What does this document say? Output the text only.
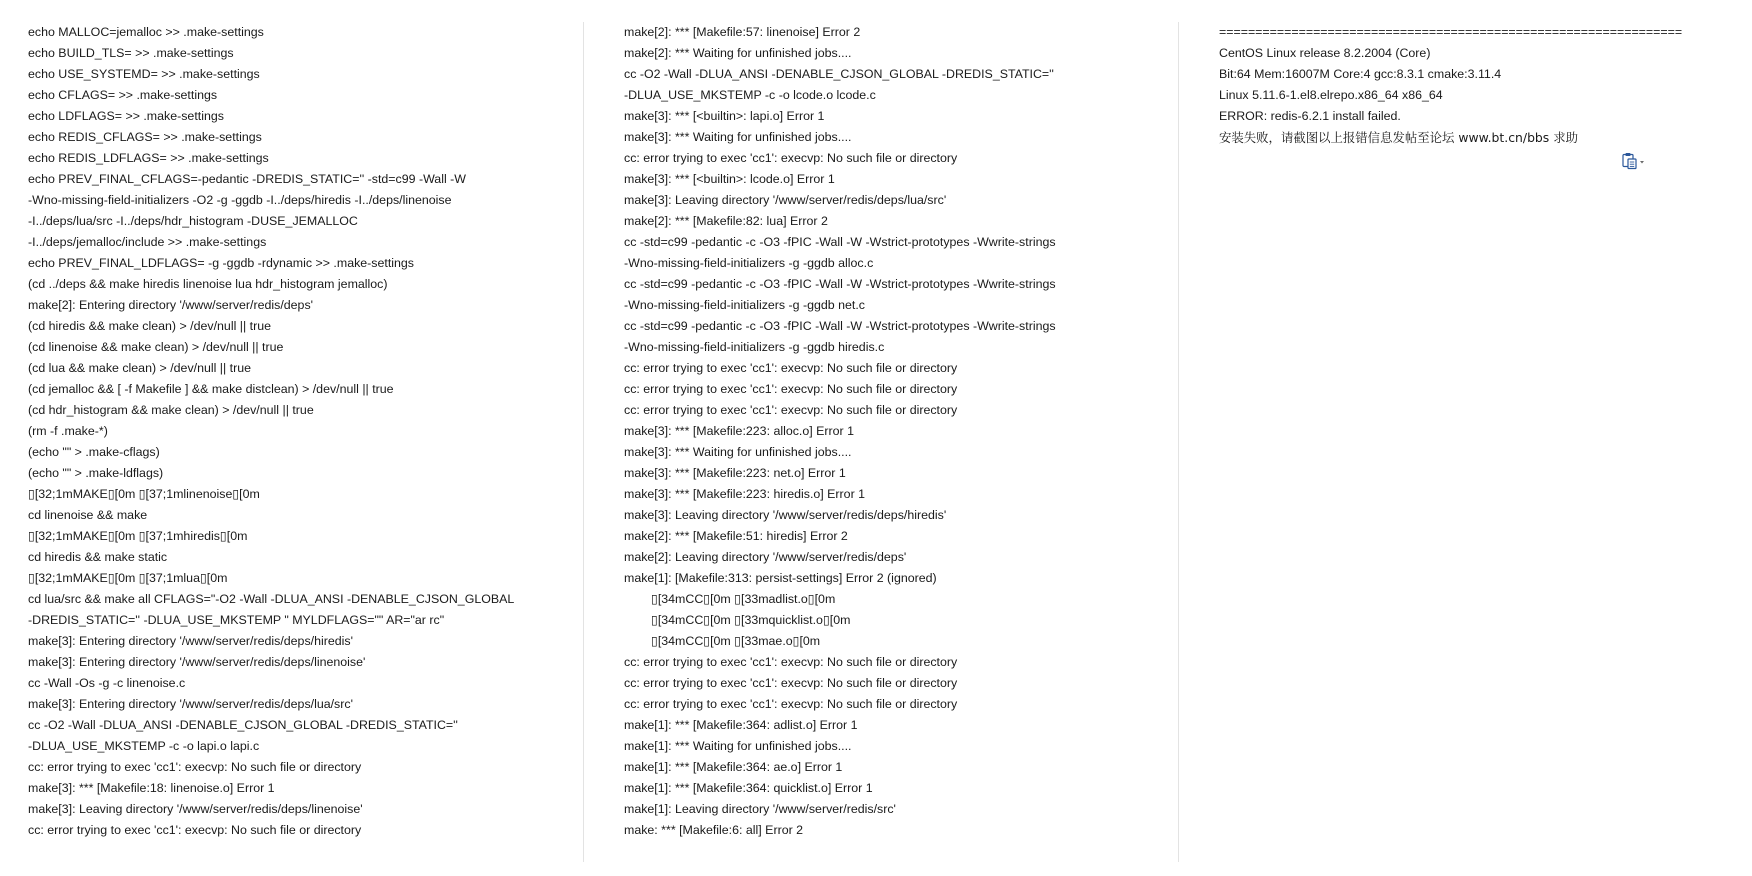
echo MALLOC=jemalloc >> .make-settings
echo BUILD_TLS= >> .make-settings
echo USE_SYSTEMD= >> .make-settings
echo CFLAGS= >> .make-settings
echo LDFLAGS= >> .make-settings
echo REDIS_CFLAGS= >> .make-settings
echo REDIS_LDFLAGS= >> .make-settings
echo PREV_FINAL_CFLAGS=-pedantic -DREDIS_STATIC='' -std=c99 -Wall -W
-Wno-missing-field-initializers -O2 -g -ggdb -I../deps/hiredis -I../deps/linenoise
-I../deps/lua/src -I../deps/hdr_histogram -DUSE_JEMALLOC
-I../deps/jemalloc/include >> .make-settings
echo PREV_FINAL_LDFLAGS= -g -ggdb -rdynamic >> .make-settings
(cd ../deps && make hiredis linenoise lua hdr_histogram jemalloc)
make[2]: Entering directory '/www/server/redis/deps'
(cd hiredis && make clean) > /dev/null || true
(cd linenoise && make clean) > /dev/null || true
(cd lua && make clean) > /dev/null || true
(cd jemalloc && [ -f Makefile ] && make distclean) > /dev/null || true
(cd hdr_histogram && make clean) > /dev/null || true
(rm -f .make-*)
(echo "" > .make-cflags)
(echo "" > .make-ldflags)
▯[32;1mMAKE▯[0m ▯[37;1mlinenoise▯[0m
cd linenoise && make
▯[32;1mMAKE▯[0m ▯[37;1mhiredis▯[0m
cd hiredis && make static
▯[32;1mMAKE▯[0m ▯[37;1mlua▯[0m
cd lua/src && make all CFLAGS="-O2 -Wall -DLUA_ANSI -DENABLE_CJSON_GLOBAL
-DREDIS_STATIC='' -DLUA_USE_MKSTEMP " MYLDFLAGS="" AR="ar rc"
make[3]: Entering directory '/www/server/redis/deps/hiredis'
make[3]: Entering directory '/www/server/redis/deps/linenoise'
cc -Wall -Os -g -c linenoise.c
make[3]: Entering directory '/www/server/redis/deps/lua/src'
cc -O2 -Wall -DLUA_ANSI -DENABLE_CJSON_GLOBAL -DREDIS_STATIC=''
-DLUA_USE_MKSTEMP -c -o lapi.o lapi.c
cc: error trying to exec 'cc1': execvp: No such file or directory
make[3]: *** [Makefile:18: linenoise.o] Error 1
make[3]: Leaving directory '/www/server/redis/deps/linenoise'
cc: error trying to exec 'cc1': execvp: No such file or directory
make[2]: *** [Makefile:57: linenoise] Error 2
make[2]: *** Waiting for unfinished jobs....
cc -O2 -Wall -DLUA_ANSI -DENABLE_CJSON_GLOBAL -DREDIS_STATIC=''
-DLUA_USE_MKSTEMP -c -o lcode.o lcode.c
make[3]: *** [<builtin>: lapi.o] Error 1
make[3]: *** Waiting for unfinished jobs....
cc: error trying to exec 'cc1': execvp: No such file or directory
make[3]: *** [<builtin>: lcode.o] Error 1
make[3]: Leaving directory '/www/server/redis/deps/lua/src'
make[2]: *** [Makefile:82: lua] Error 2
cc -std=c99 -pedantic -c -O3 -fPIC -Wall -W -Wstrict-prototypes -Wwrite-strings
-Wno-missing-field-initializers -g -ggdb alloc.c
cc -std=c99 -pedantic -c -O3 -fPIC -Wall -W -Wstrict-prototypes -Wwrite-strings
-Wno-missing-field-initializers -g -ggdb net.c
cc -std=c99 -pedantic -c -O3 -fPIC -Wall -W -Wstrict-prototypes -Wwrite-strings
-Wno-missing-field-initializers -g -ggdb hiredis.c
cc: error trying to exec 'cc1': execvp: No such file or directory
cc: error trying to exec 'cc1': execvp: No such file or directory
cc: error trying to exec 'cc1': execvp: No such file or directory
make[3]: *** [Makefile:223: alloc.o] Error 1
make[3]: *** Waiting for unfinished jobs....
make[3]: *** [Makefile:223: net.o] Error 1
make[3]: *** [Makefile:223: hiredis.o] Error 1
make[3]: Leaving directory '/www/server/redis/deps/hiredis'
make[2]: *** [Makefile:51: hiredis] Error 2
make[2]: Leaving directory '/www/server/redis/deps'
make[1]: [Makefile:313: persist-settings] Error 2 (ignored)
▯[34mCC▯[0m ▯[33madlist.o▯[0m
▯[34mCC▯[0m ▯[33mquicklist.o▯[0m
▯[34mCC▯[0m ▯[33mae.o▯[0m
cc: error trying to exec 'cc1': execvp: No such file or directory
cc: error trying to exec 'cc1': execvp: No such file or directory
cc: error trying to exec 'cc1': execvp: No such file or directory
make[1]: *** [Makefile:364: adlist.o] Error 1
make[1]: *** Waiting for unfinished jobs....
make[1]: *** [Makefile:364: ae.o] Error 1
make[1]: *** [Makefile:364: quicklist.o] Error 1
make[1]: Leaving directory '/www/server/redis/src'
make: *** [Makefile:6: all] Error 2
================================================================
CentOS Linux release 8.2.2004 (Core)
Bit:64 Mem:16007M Core:4 gcc:8.3.1 cmake:3.11.4
Linux 5.11.6-1.el8.elrepo.x86_64 x86_64
ERROR: redis-6.2.1 install failed.
安装失败，请截图以上报错信息发帖至论坛 www.bt.cn/bbs 求助
